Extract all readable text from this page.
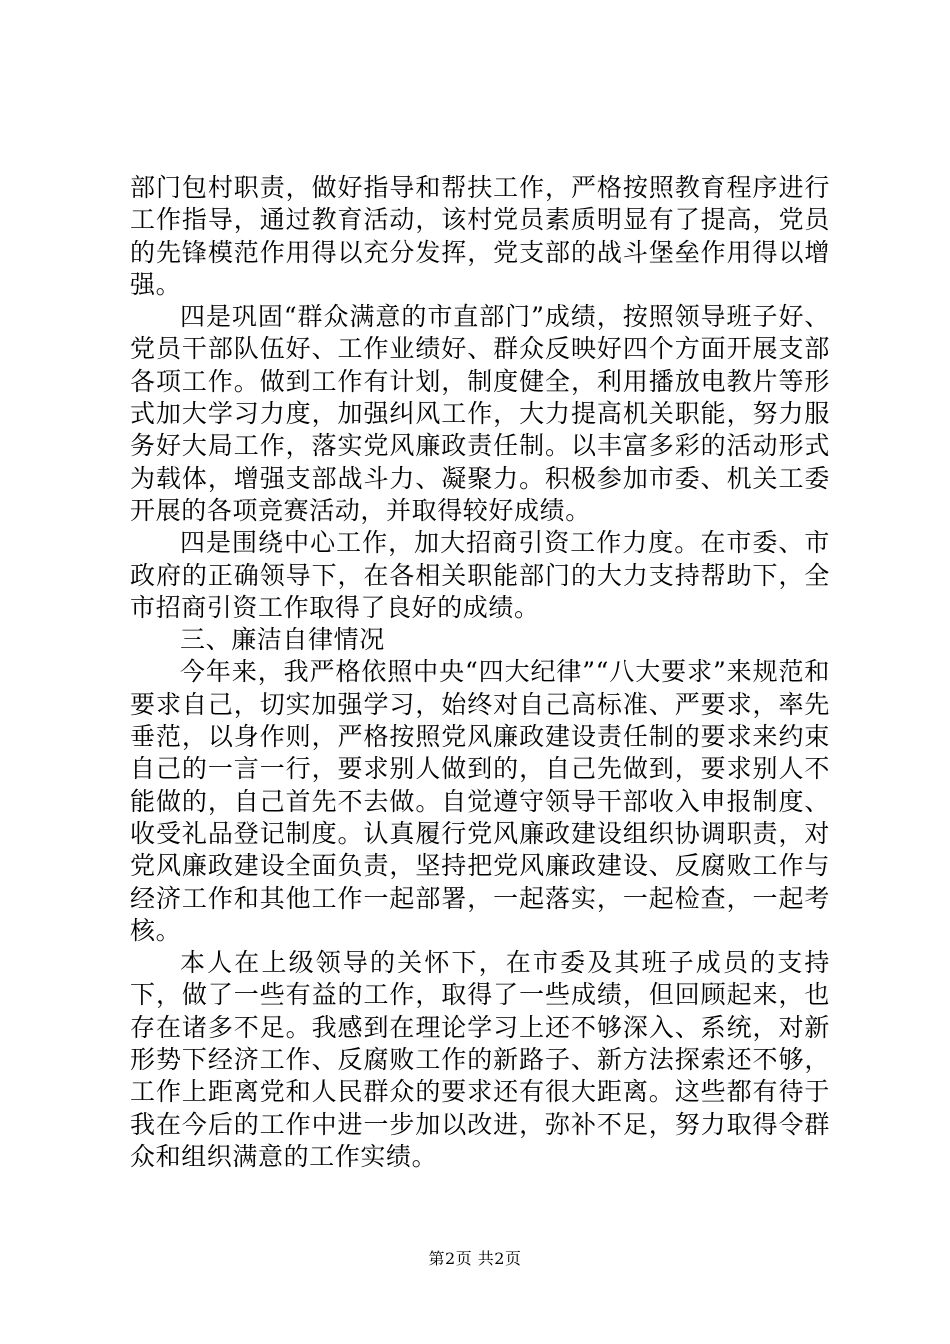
部门包村职责，做好指导和帮扶工作，严格按照教育程序进行工作指导，通过教育活动，该村党员素质明显有了提高，党员的先锋模范作用得以充分发挥，党支部的战斗堡垒作用得以增强。

四是巩固“群众满意的市直部门”成绩，按照领导班子好、党员干部队伍好、工作业绩好、群众反映好四个方面开展支部各项工作。做到工作有计划，制度健全，利用播放电教片等形式加大学习力度，加强纠风工作，大力提高机关职能，努力服务好大局工作，落实党风廉政责任制。以丰富多彩的活动形式为载体，增强支部战斗力、凝聚力。积极参加市委、机关工委开展的各项竞赛活动，并取得较好成绩。

四是围绕中心工作，加大招商引资工作力度。在市委、市政府的正确领导下，在各相关职能部门的大力支持帮助下，全市招商引资工作取得了良好的成绩。

三、廉洁自律情况

今年来，我严格依照中央“四大纪律”“八大要求”来规范和要求自己，切实加强学习，始终对自己高标准、严要求，率先垂范，以身作则，严格按照党风廉政建设责任制的要求来约束自己的一言一行，要求别人做到的，自己先做到，要求别人不能做的，自己首先不去做。自觉遵守领导干部收入申报制度、收受礼品登记制度。认真履行党风廉政建设组织协调职责，对党风廉政建设全面负责，坚持把党风廉政建设、反腐败工作与经济工作和其他工作一起部署，一起落实，一起检查，一起考核。

本人在上级领导的关怀下，在市委及其班子成员的支持下，做了一些有益的工作，取得了一些成绩，但回顾起来，也存在诸多不足。我感到在理论学习上还不够深入、系统，对新形势下经济工作、反腐败工作的新路子、新方法探索还不够，工作上距离党和人民群众的要求还有很大距离。这些都有待于我在今后的工作中进一步加以改进，弥补不足，努力取得令群众和组织满意的工作实绩。

第2页 共2页
